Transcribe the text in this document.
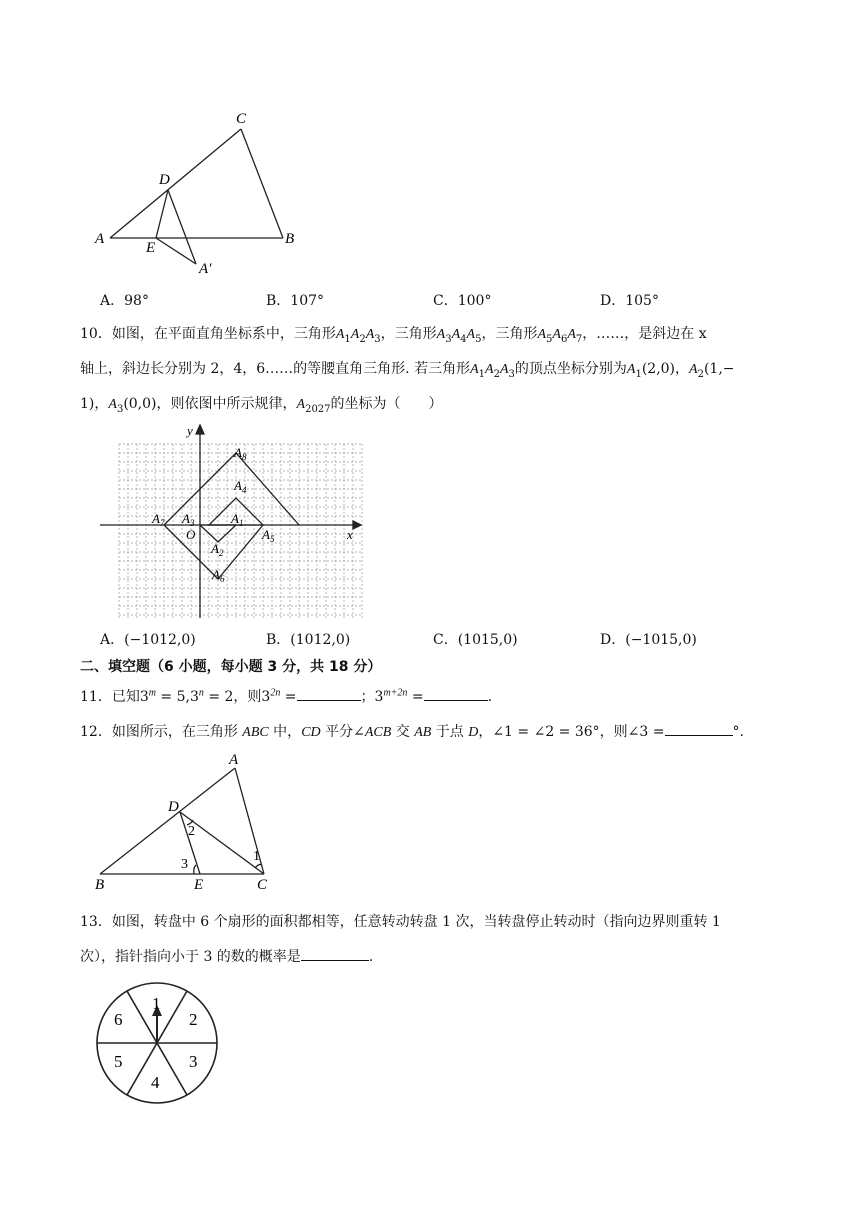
C
D
A
E
B
A′
A．98°	B．107°	C．100°	D．105°
10．如图，在平面直角坐标系中，三角形$A_1A_2A_3$，三角形$A_3A_4A_5$，三角形$A_5A_6A_7$，……，是斜边在 x
轴上，斜边长分别为 2，4，6……的等腰直角三角形. 若三角形$A_1A_2A_3$的顶点坐标分别为$A_1(2,0)$，$A_2(1,-$
1)，$A_3(0,0)$，则依图中所示规律，$A_{2027}$的坐标为（　　）
y
x
O
$A_8$
$A_4$
$A_7$ $A_3$	$A_1$
$A_5$
$A_2$
$A_6$
A．(−1012,0)	B．(1012,0)	C．(1015,0)	D．(−1015,0)
二、填空题（6 小题，每小题 3 分，共 18 分）
11．已知$3^m = 5,3^n = 2$，则$3^{2n}$ =	；$3^{m+2n}$ =	.
12．如图所示，在三角形 ABC 中，CD 平分∠ACB 交 AB 于点 D，∠1 = ∠2 = 36°，则∠3 =	°.
A
D
B	E	C
1
2
3
13．如图，转盘中 6 个扇形的面积都相等，任意转动转盘 1 次，当转盘停止转动时（指向边界则重转 1
次），指针指向小于 3 的数的概率是	.
1
2
3
4
5
6
